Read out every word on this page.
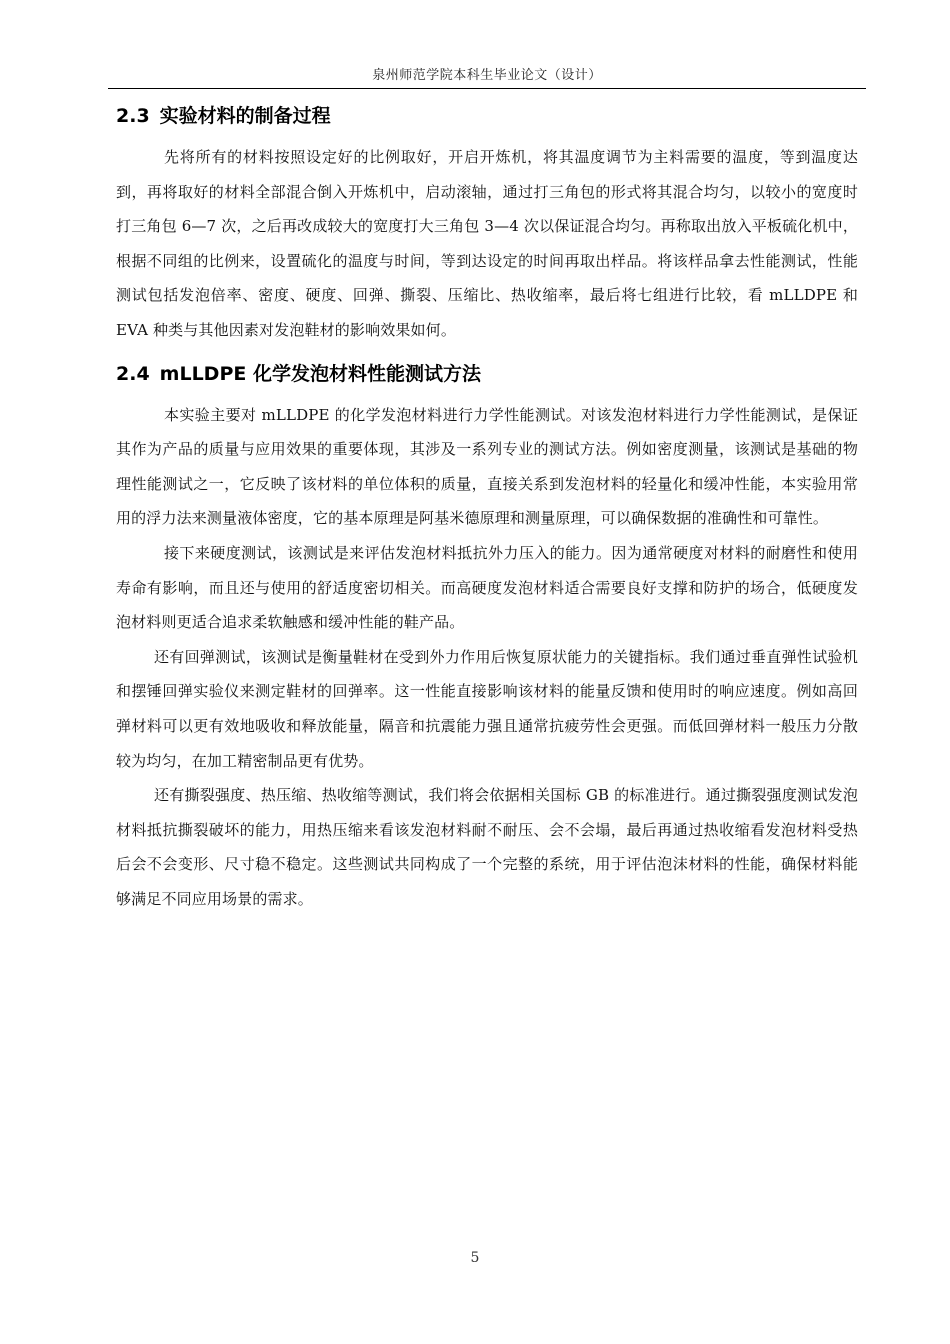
泉州师范学院本科生毕业论文（设计）
2.3 实验材料的制备过程

先将所有的材料按照设定好的比例取好，开启开炼机，将其温度调节为主料需要的温度，等到温度达到，再将取好的材料全部混合倒入开炼机中，启动滚轴，通过打三角包的形式将其混合均匀，以较小的宽度时打三角包 6—7 次，之后再改成较大的宽度打大三角包 3—4 次以保证混合均匀。再称取出放入平板硫化机中，根据不同组的比例来，设置硫化的温度与时间，等到达设定的时间再取出样品。将该样品拿去性能测试，性能测试包括发泡倍率、密度、硬度、回弹、撕裂、压缩比、热收缩率，最后将七组进行比较，看 mLLDPE 和 EVA 种类与其他因素对发泡鞋材的影响效果如何。

2.4 mLLDPE 化学发泡材料性能测试方法

本实验主要对 mLLDPE 的化学发泡材料进行力学性能测试。对该发泡材料进行力学性能测试，是保证其作为产品的质量与应用效果的重要体现，其涉及一系列专业的测试方法。例如密度测量，该测试是基础的物理性能测试之一，它反映了该材料的单位体积的质量，直接关系到发泡材料的轻量化和缓冲性能，本实验用常用的浮力法来测量液体密度，它的基本原理是阿基米德原理和测量原理，可以确保数据的准确性和可靠性。

接下来硬度测试，该测试是来评估发泡材料抵抗外力压入的能力。因为通常硬度对材料的耐磨性和使用寿命有影响，而且还与使用的舒适度密切相关。而高硬度发泡材料适合需要良好支撑和防护的场合，低硬度发泡材料则更适合追求柔软触感和缓冲性能的鞋产品。

还有回弹测试，该测试是衡量鞋材在受到外力作用后恢复原状能力的关键指标。我们通过垂直弹性试验机和摆锤回弹实验仪来测定鞋材的回弹率。这一性能直接影响该材料的能量反馈和使用时的响应速度。例如高回弹材料可以更有效地吸收和释放能量，隔音和抗震能力强且通常抗疲劳性会更强。而低回弹材料一般压力分散较为均匀，在加工精密制品更有优势。

还有撕裂强度、热压缩、热收缩等测试，我们将会依据相关国标 GB 的标准进行。通过撕裂强度测试发泡材料抵抗撕裂破坏的能力，用热压缩来看该发泡材料耐不耐压、会不会塌，最后再通过热收缩看发泡材料受热后会不会变形、尺寸稳不稳定。这些测试共同构成了一个完整的系统，用于评估泡沫材料的性能，确保材料能够满足不同应用场景的需求。

5
